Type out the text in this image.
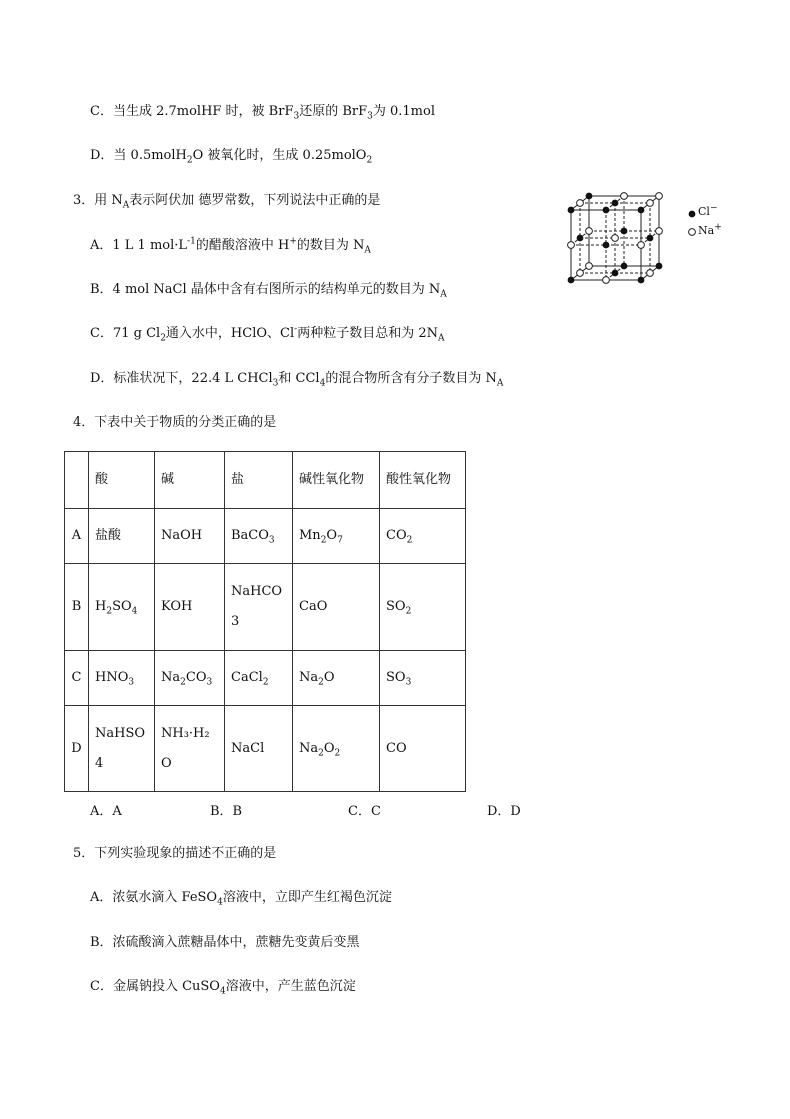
C．当生成 2.7molHF 时，被 BrF$_3$还原的 BrF$_3$为 0.1mol
D．当 0.5molH$_2$O 被氧化时，生成 0.25molO$_2$
3．用 $N_A$表示阿伏加 德罗常数，下列说法中正确的是
A．1 L 1 $mol\cdot L^{-1}$的醋酸溶液中 H+的数目为 $N_A$
B．4 mol NaCl 晶体中含有右图所示的结构单元的数目为 $N_A$
C．71 g $Cl_2$通入水中，HClO、Cl-两种粒子数目总和为 $2N_A$
D．标准状况下，22.4 L CHCl$_3$和 CCl$_4$的混合物所含有分子数目为 $N_A$
Cl−
Na+
4．下表中关于物质的分类正确的是
	酸	碱	盐	碱性氧化物	酸性氧化物
A	盐酸	NaOH	BaCO$_3$	$Mn_2O_7$	$CO_2$
B	$H_2SO_4$	KOH	NaHCO3	CaO	$SO_2$
C	$HNO_3$	$Na_2CO_3$	CaCl$_2$	$Na_2O$	$SO_3$
D	NaHSO4	NH₃·H₂O	NaCl	$Na_2O_2$	CO
A．A	B．B	C．C	D．D
5．下列实验现象的描述不正确的是
A．浓氨水滴入 FeSO$_4$溶液中，立即产生红褐色沉淀
B．浓硫酸滴入蔗糖晶体中，蔗糖先变黄后变黑
C．金属钠投入 CuSO$_4$溶液中，产生蓝色沉淀
